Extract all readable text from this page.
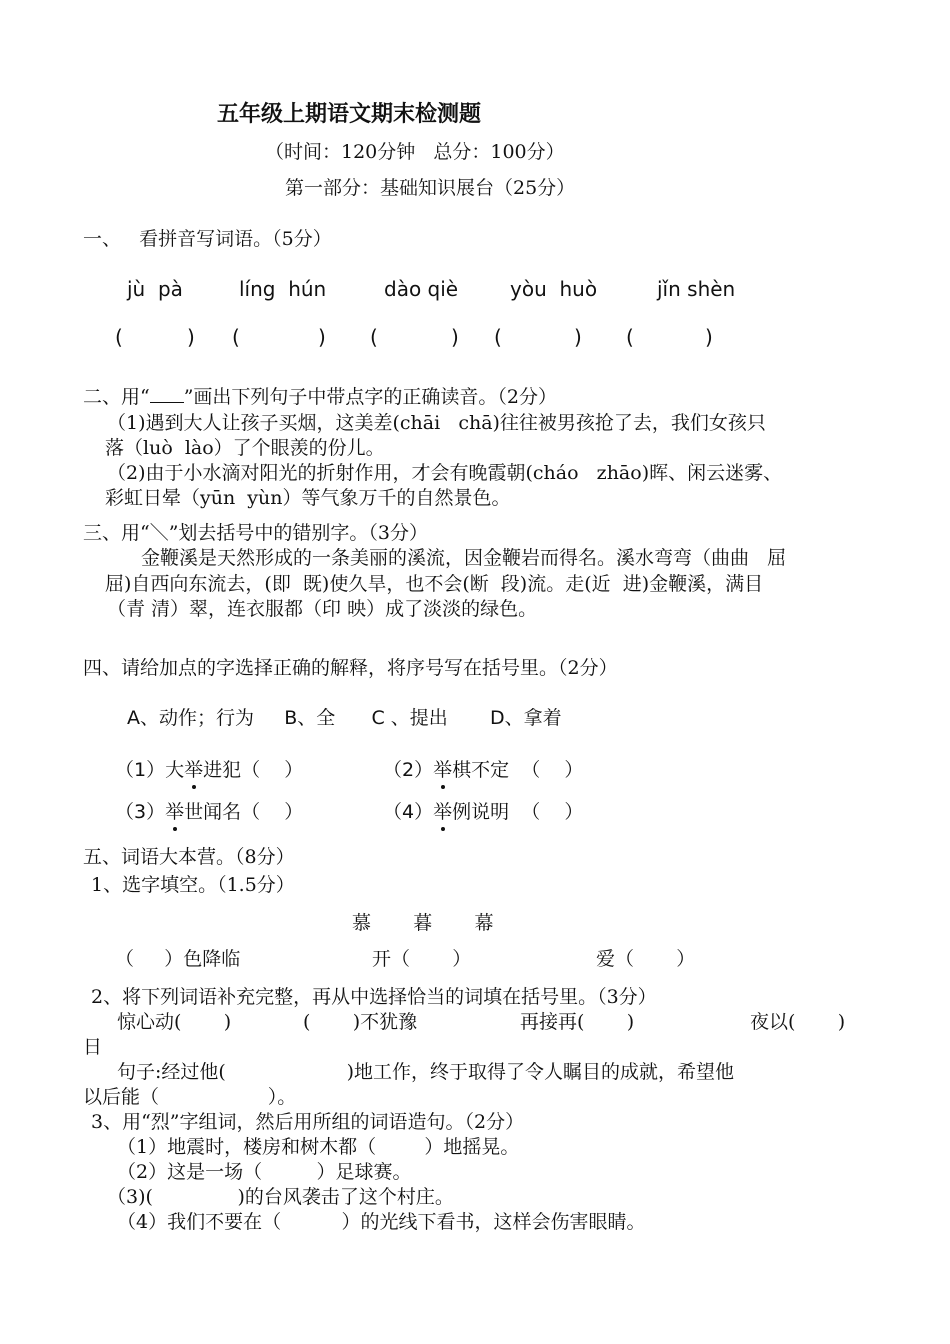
五年级上期语文期末检测题
（时间：120分钟   总分：100分）
第一部分：基础知识展台（25分）
一、   看拼音写词语。（5分）
jù  pà	líng  hún	dào qiè	yòu  huò	jǐn shèn
(	) (	) (	) (	) (	)
二、用“ ”画出下列句子中带点字的正确读音。（2分）
（1)遇到大人让孩子买烟，这美差(chāi   chā)往往被男孩抢了去，我们女孩只
落（luò  lào）了个眼羡的份儿。
（2)由于小水滴对阳光的折射作用，才会有晚霞朝(cháo   zhāo)晖、闲云迷雾、
彩虹日晕（yūn  yùn）等气象万千的自然景色。
三、用“＼”划去括号中的错别字。（3分）
金鞭溪是天然形成的一条美丽的溪流，因金鞭岩而得名。溪水弯弯（曲曲   屈
屈)自西向东流去，(即  既)使久旱，也不会(断  段)流。走(近  进)金鞭溪，满目
（青 清）翠，连衣服都（印 映）成了淡淡的绿色。
四、请给加点的字选择正确的解释，将序号写在括号里。（2分）
A、动作；行为     B、全      C 、提出       D、拿着
（1）大举进犯（    ）	（2）举棋不定  （    ）
（3）举世闻名（    ）	（4）举例说明  （    ）
五、词语大本营。（8分）
1、选字填空。（1.5分）
慕       暮       幕
（     ）色降临	开（       ）	爱（       ）
2、将下列词语补充完整，再从中选择恰当的词填在括号里。（3分）
惊心动(       )	(       )不犹豫	再接再(       )	夜以(       )
日
句子:经过他(                    )地工作，终于取得了令人瞩目的成就，希望他
以后能（                  ）。
3、用“烈”字组词，然后用所组的词语造句。（2分）
（1）地震时，楼房和树木都（        ）地摇晃。
（2）这是一场（         ）足球赛。
（3)(              )的台风袭击了这个村庄。
（4）我们不要在（          ）的光线下看书，这样会伤害眼睛。
